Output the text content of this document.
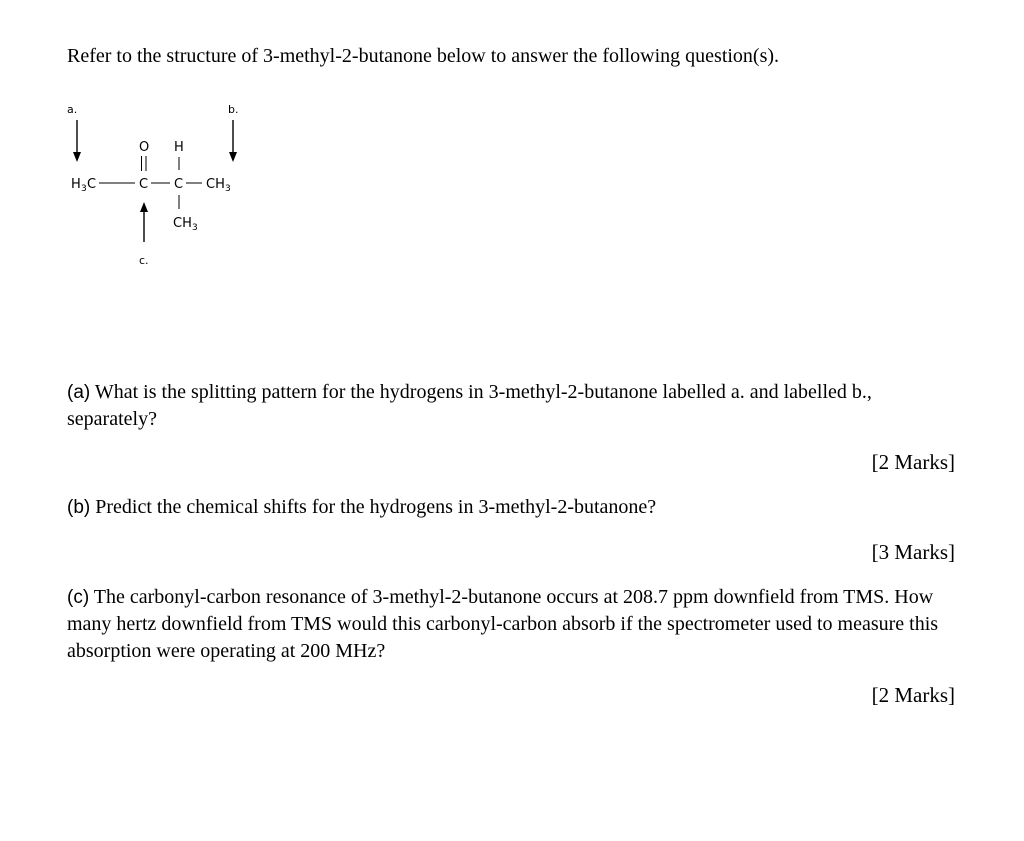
Refer to the structure of 3-methyl-2-butanone below to answer the following question(s).
a.	b.
c.
O H
H 3 C	C C CH 3
CH 3
(a) What is the splitting pattern for the hydrogens in 3-methyl-2-butanone labelled a. and labelled b., separately?
[2 Marks]
(b) Predict the chemical shifts for the hydrogens in 3-methyl-2-butanone?
[3 Marks]
(c) The carbonyl-carbon resonance of 3-methyl-2-butanone occurs at 208.7 ppm downfield from TMS. How many hertz downfield from TMS would this carbonyl-carbon absorb if the spectrometer used to measure this absorption were operating at 200 MHz?
[2 Marks]
